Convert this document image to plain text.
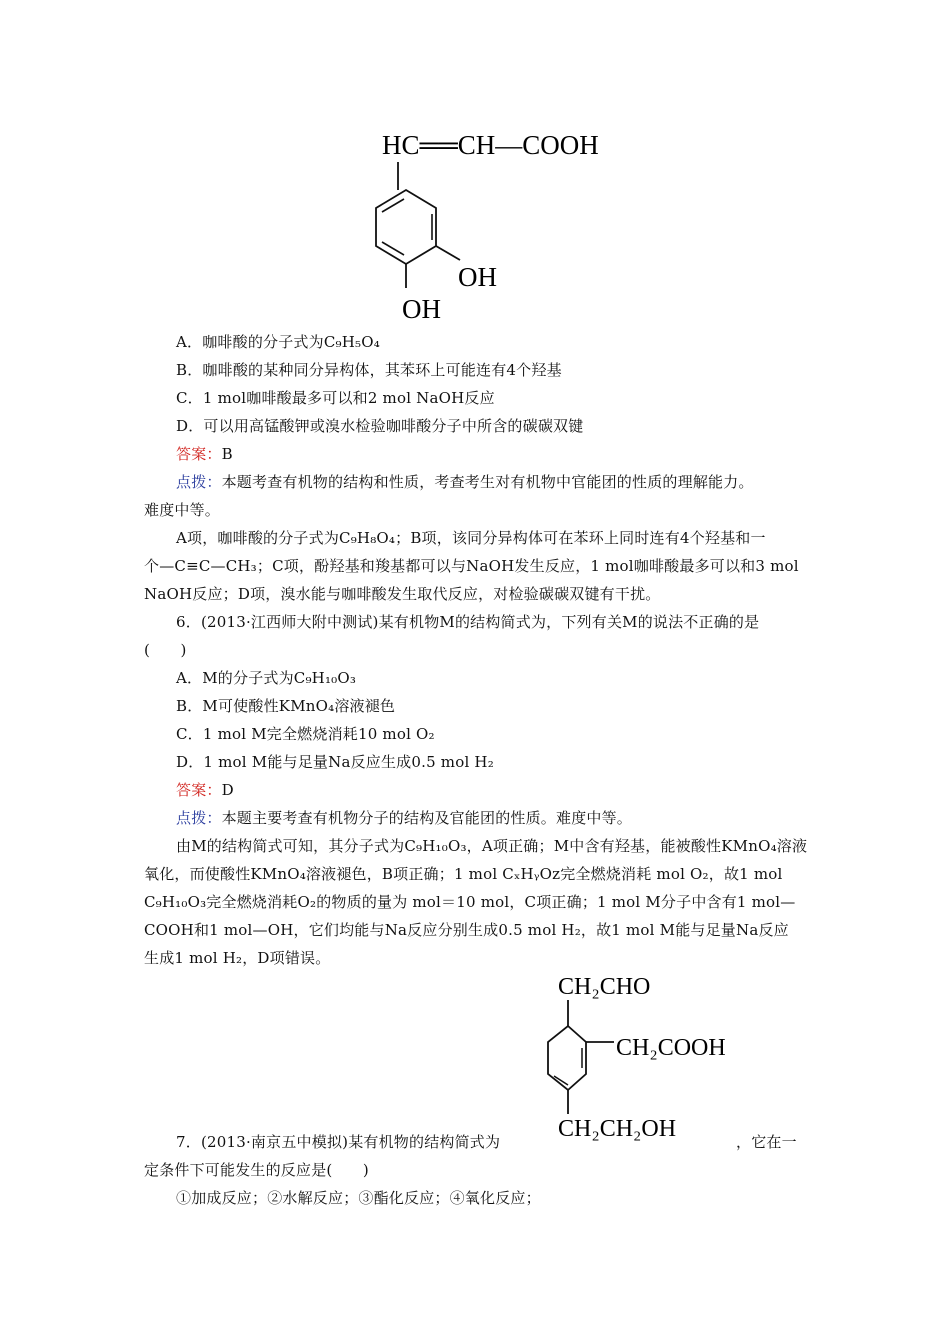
HC══CH—COOH
OH
OH
A．咖啡酸的分子式为C₉H₅O₄
B．咖啡酸的某种同分异构体，其苯环上可能连有4个羟基
C．1 mol咖啡酸最多可以和2 mol NaOH反应
D．可以用高锰酸钾或溴水检验咖啡酸分子中所含的碳碳双键
答案：B
点拨：本题考查有机物的结构和性质，考查考生对有机物中官能团的性质的理解能力。
难度中等。
A项，咖啡酸的分子式为C₉H₈O₄；B项，该同分异构体可在苯环上同时连有4个羟基和一
个—C≡C—CH₃；C项，酚羟基和羧基都可以与NaOH发生反应，1 mol咖啡酸最多可以和3 mol
NaOH反应；D项，溴水能与咖啡酸发生取代反应，对检验碳碳双键有干扰。
6．(2013·江西师大附中测试)某有机物M的结构简式为，下列有关M的说法不正确的是
(　　)
A．M的分子式为C₉H₁₀O₃
B．M可使酸性KMnO₄溶液褪色
C．1 mol M完全燃烧消耗10 mol O₂
D．1 mol M能与足量Na反应生成0.5 mol H₂
答案：D
点拨：本题主要考查有机物分子的结构及官能团的性质。难度中等。
由M的结构简式可知，其分子式为C₉H₁₀O₃，A项正确；M中含有羟基，能被酸性KMnO₄溶液
氧化，而使酸性KMnO₄溶液褪色，B项正确；1 mol CₓHᵧOz完全燃烧消耗 mol O₂，故1 mol
C₉H₁₀O₃完全燃烧消耗O₂的物质的量为 mol＝10 mol，C项正确；1 mol M分子中含有1 mol—
COOH和1 mol—OH，它们均能与Na反应分别生成0.5 mol H₂，故1 mol M能与足量Na反应
生成1 mol H₂，D项错误。
CH₂CHO
CH₂COOH
CH₂CH₂OH
7．(2013·南京五中模拟)某有机物的结构简式为	，它在一
定条件下可能发生的反应是(　　)
①加成反应；②水解反应；③酯化反应；④氧化反应；
